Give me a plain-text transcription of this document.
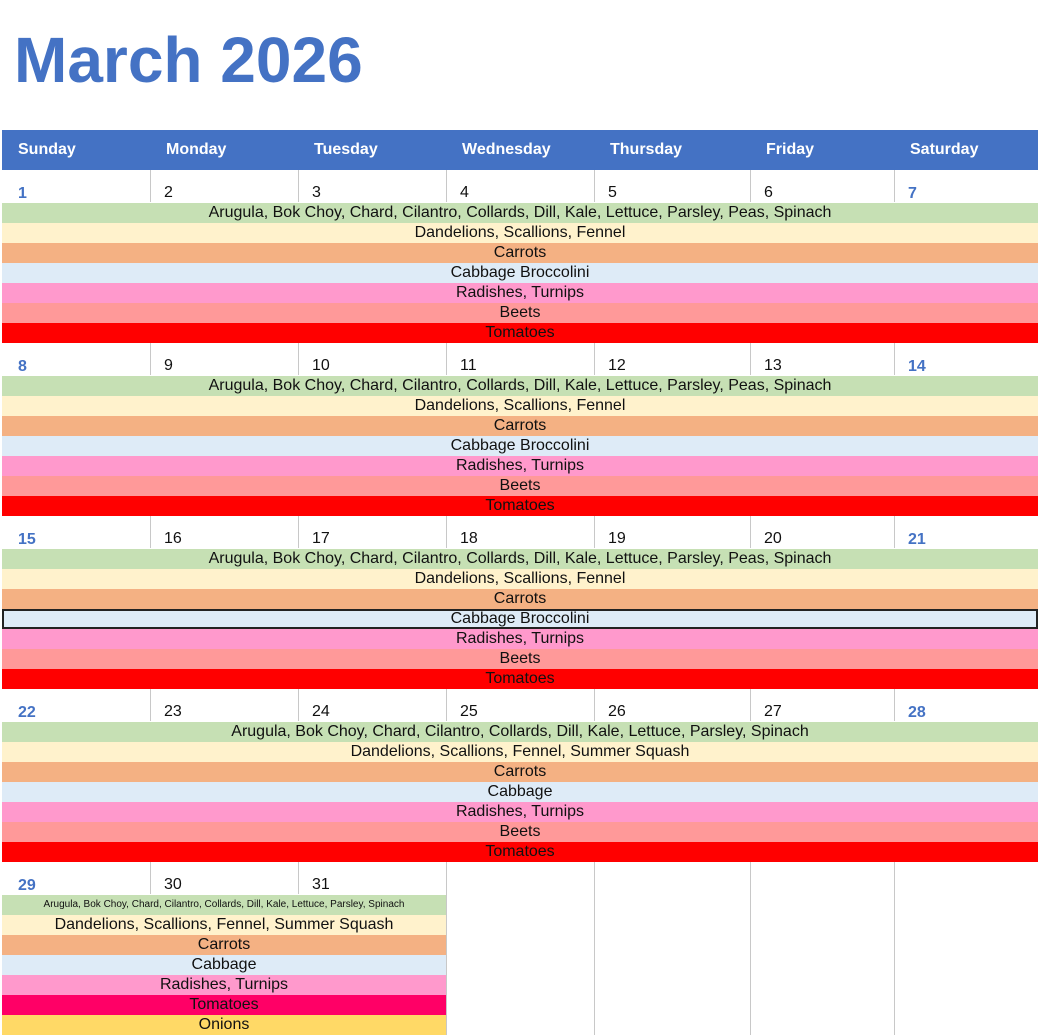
March 2026
Sunday	Monday	Tuesday	Wednesday	Thursday	Friday	Saturday
1	2	3	4	5	6	7
Arugula, Bok Choy, Chard, Cilantro, Collards, Dill, Kale, Lettuce, Parsley, Peas, Spinach
Dandelions, Scallions, Fennel
Carrots
Cabbage Broccolini
Radishes, Turnips
Beets
Tomatoes
8	9	10	11	12	13	14
Arugula, Bok Choy, Chard, Cilantro, Collards, Dill, Kale, Lettuce, Parsley, Peas, Spinach
Dandelions, Scallions, Fennel
Carrots
Cabbage Broccolini
Radishes, Turnips
Beets
Tomatoes
15	16	17	18	19	20	21
Arugula, Bok Choy, Chard, Cilantro, Collards, Dill, Kale, Lettuce, Parsley, Peas, Spinach
Dandelions, Scallions, Fennel
Carrots
Cabbage Broccolini
Radishes, Turnips
Beets
Tomatoes
22	23	24	25	26	27	28
Arugula, Bok Choy, Chard, Cilantro, Collards, Dill, Kale, Lettuce, Parsley, Spinach
Dandelions, Scallions, Fennel, Summer Squash
Carrots
Cabbage
Radishes, Turnips
Beets
Tomatoes
29	30	31
Arugula, Bok Choy, Chard, Cilantro, Collards, Dill, Kale, Lettuce, Parsley, Spinach
Dandelions, Scallions, Fennel, Summer Squash
Carrots
Cabbage
Radishes, Turnips
Tomatoes
Onions
